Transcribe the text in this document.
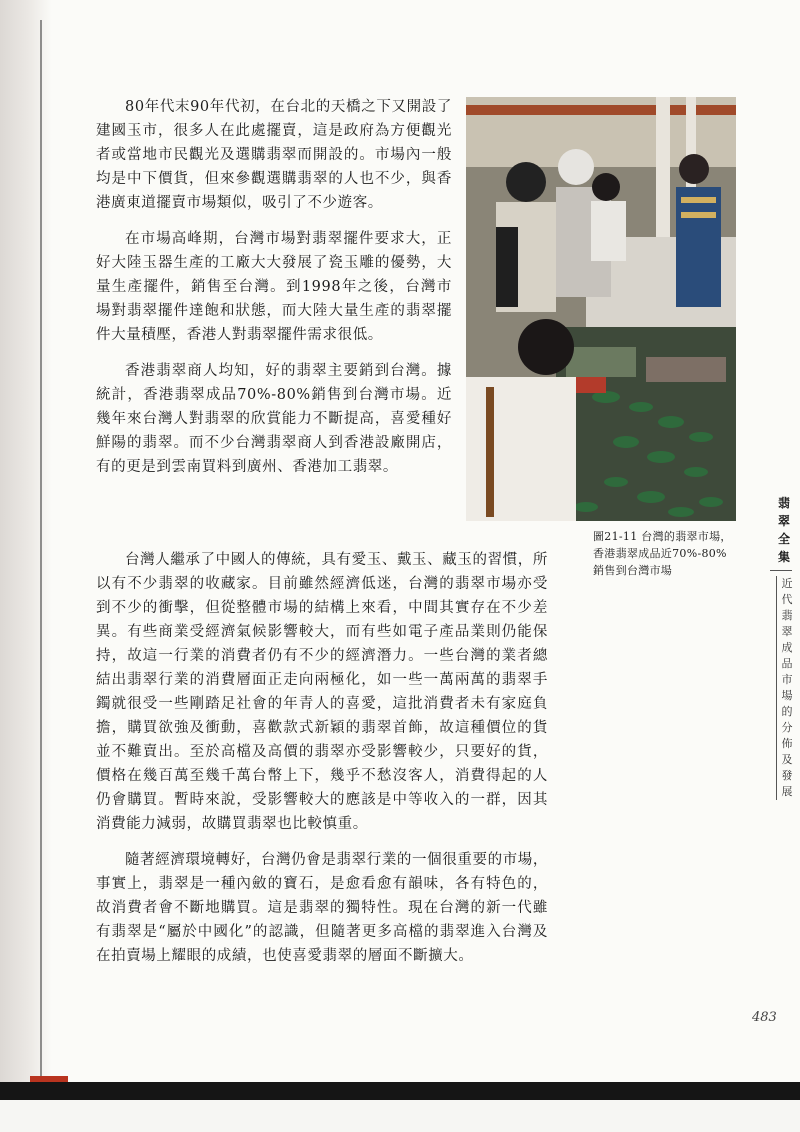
80年代末90年代初，在台北的天橋之下又開設了建國玉市，很多人在此處擺賣，這是政府為方便觀光者或當地市民觀光及選購翡翠而開設的。市場內一般均是中下價貨，但來參觀選購翡翠的人也不少，與香港廣東道擺賣市場類似，吸引了不少遊客。

在市場高峰期，台灣市場對翡翠擺件要求大，正好大陸玉器生產的工廠大大發展了瓷玉雕的優勢，大量生產擺件，銷售至台灣。到1998年之後，台灣市場對翡翠擺件達飽和狀態，而大陸大量生產的翡翠擺件大量積壓，香港人對翡翠擺件需求很低。

香港翡翠商人均知，好的翡翠主要銷到台灣。據統計，香港翡翠成品70%-80%銷售到台灣市場。近幾年來台灣人對翡翠的欣賞能力不斷提高，喜愛種好鮮陽的翡翠。而不少台灣翡翠商人到香港設廠開店，有的更是到雲南買料到廣州、香港加工翡翠。

圖21-11 台灣的翡翠市場，
香港翡翠成品近70%-80%
銷售到台灣市場

台灣人繼承了中國人的傳統，具有愛玉、戴玉、藏玉的習慣，所以有不少翡翠的收藏家。目前雖然經濟低迷，台灣的翡翠市場亦受到不少的衝擊，但從整體市場的結構上來看，中間其實存在不少差異。有些商業受經濟氣候影響較大，而有些如電子產品業則仍能保持，故這一行業的消費者仍有不少的經濟潛力。一些台灣的業者總結出翡翠行業的消費層面正走向兩極化，如一些一萬兩萬的翡翠手鐲就很受一些剛踏足社會的年青人的喜愛，這批消費者未有家庭負擔，購買欲強及衝動，喜歡款式新穎的翡翠首飾，故這種價位的貨並不難賣出。至於高檔及高價的翡翠亦受影響較少，只要好的貨，價格在幾百萬至幾千萬台幣上下，幾乎不愁沒客人，消費得起的人仍會購買。暫時來說，受影響較大的應該是中等收入的一群，因其消費能力減弱，故購買翡翠也比較慎重。

隨著經濟環境轉好，台灣仍會是翡翠行業的一個很重要的市場，事實上，翡翠是一種內斂的寶石，是愈看愈有韻味，各有特色的，故消費者會不斷地購買。這是翡翠的獨特性。現在台灣的新一代雖有翡翠是“屬於中國化”的認識，但隨著更多高檔的翡翠進入台灣及在拍賣場上耀眼的成績，也使喜愛翡翠的層面不斷擴大。

翡翠全集
近代翡翠成品市場的分佈及發展
483
